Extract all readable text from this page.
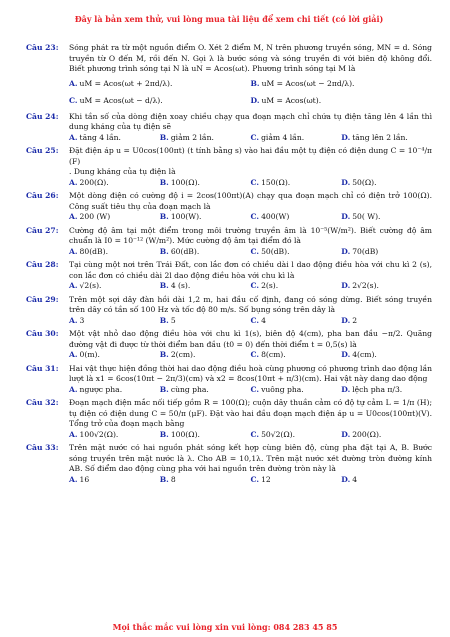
Đây là bản xem thử, vui lòng mua tài liệu để xem chi tiết (có lời giải)
Câu 23:	Sóng phát ra từ một nguồn điểm O. Xét 2 điểm M, N trên phương truyền sóng, MN = d. Sóng truyền từ O đến M, rồi đến N. Gọi λ là bước sóng và sóng truyền đi với biên độ không đổi. Biết phương trình sóng tại N là uN = Acos(ωt). Phương trình sóng tại M là

A. uM = Acos(ωt + 2πd/λ).	B. uM = Acos(ωt − 2πd/λ).
C. uM = Acos(ωt − d/λ).	D. uM = Acos(ωt).
Câu 24:	Khi tần số của dòng điện xoay chiều chạy qua đoạn mạch chỉ chứa tụ điện tăng lên 4 lần thì dung kháng của tụ điện sẽ

A. tăng 4 lần.	B. giảm 2 lần.	C. giảm 4 lần.	D. tăng lên 2 lần.
Câu 25:	Đặt điện áp u = U0cos(100πt) (t tính bằng s) vào hai đầu một tụ điện có điện dung C = 10⁻⁴/π (F)

. Dung kháng của tụ điện là

A. 200(Ω).	B. 100(Ω).	C. 150(Ω).	D. 50(Ω).
Câu 26:	Một dòng điện có cường độ i = 2cos(100πt)(A) chạy qua đoạn mạch chỉ có điện trở 100(Ω). Công suất tiêu thụ của đoạn mạch là

A. 200 (W)	B. 100(W).	C. 400(W)	D. 50( W).
Câu 27:	Cường độ âm tại một điểm trong môi trường truyền âm là 10⁻⁵(W/m²). Biết cường độ âm chuẩn là I0 = 10⁻¹² (W/m²). Mức cường độ âm tại điểm đó là

A. 80(dB).	B. 60(dB).	C. 50(dB).	D. 70(dB)
Câu 28:	Tại cùng một nơi trên Trái Đất, con lắc đơn có chiều dài l dao động điều hòa với chu kì 2 (s), con lắc đơn có chiều dài 2l dao động điều hòa với chu kì là

A. √2(s).	B. 4 (s).	C. 2(s).	D. 2√2(s).
Câu 29:	Trên một sợi dây đàn hồi dài 1,2 m, hai đầu cố định, đang có sóng dừng. Biết sóng truyền trên dây có tần số 100 Hz và tốc độ 80 m/s. Số bụng sóng trên dây là

A. 3	B. 5	C. 4	D. 2
Câu 30:	Một vật nhỏ dao động điều hòa với chu kì 1(s), biên độ 4(cm), pha ban đầu −π/2. Quãng đường vật đi được từ thời điểm ban đầu (t0 = 0) đến thời điểm t = 0,5(s) là

A. 0(m).	B. 2(cm).	C. 8(cm).	D. 4(cm).
Câu 31:	Hai vật thực hiện đồng thời hai dao động điều hoà cùng phương có phương trình dao động lần lượt là x1 = 6cos(10πt − 2π/3)(cm) và x2 = 8cos(10πt + π/3)(cm). Hai vật này dang dao động

A. ngược pha.	B. cùng pha.	C. vuông pha.	D. lệch pha π/3.
Câu 32:	Đoạn mạch điện mắc nối tiếp gồm R = 100(Ω); cuộn dây thuần cảm có độ tự cảm L = 1/π (H); tụ điện có điện dung C = 50/π (μF). Đặt vào hai đầu đoạn mạch điện áp u = U0cos(100πt)(V). Tổng trở của đoạn mạch bằng

A. 100√2(Ω).	B. 100(Ω).	C. 50√2(Ω).	D. 200(Ω).
Câu 33:	Trên mặt nước có hai nguồn phát sóng kết hợp cùng biên độ, cùng pha đặt tại A, B. Bước sóng truyền trên mặt nước là λ. Cho AB = 10,1λ. Trên mặt nước xét đường tròn đường kính AB. Số điểm dao động cùng pha với hai nguồn trên đường tròn này là

A. 16	B. 8	C. 12	D. 4
Mọi thắc mắc vui lòng xin vui lòng: 084 283 45 85
